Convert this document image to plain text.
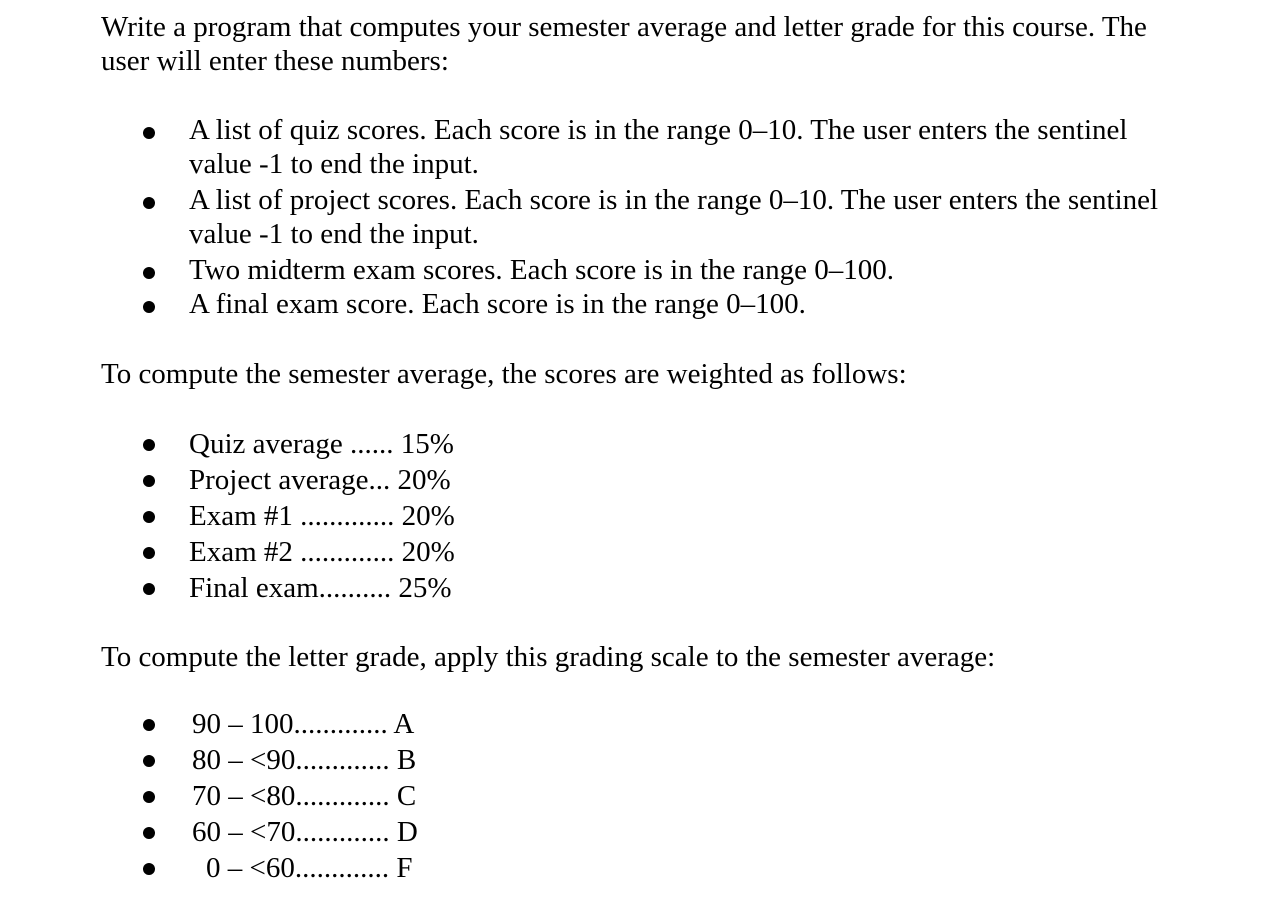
Write a program that computes your semester average and letter grade for this course. The user will enter these numbers:

A list of quiz scores. Each score is in the range 0–10. The user enters the sentinel value -1 to end the input.
A list of project scores. Each score is in the range 0–10. The user enters the sentinel value -1 to end the input.
Two midterm exam scores. Each score is in the range 0–100.
A final exam score. Each score is in the range 0–100.

To compute the semester average, the scores are weighted as follows:

Quiz average ...... 15%
Project average... 20%
Exam #1 ............. 20%
Exam #2 ............. 20%
Final exam.......... 25%

To compute the letter grade, apply this grading scale to the semester average:

90 – 100............. A
80 – <90............. B
70 – <80............. C
60 – <70............. D
0 – <60............. F
